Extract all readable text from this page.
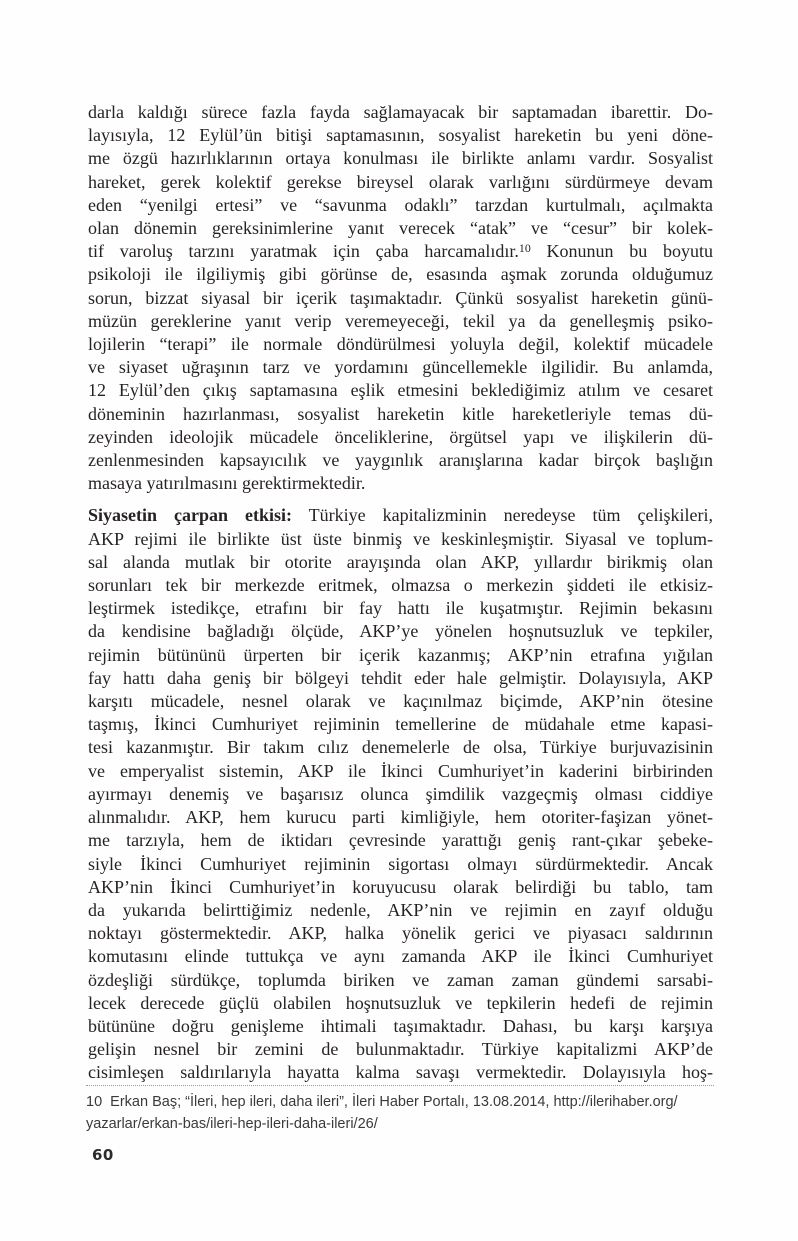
darla kaldığı sürece fazla fayda sağlamayacak bir saptamadan ibarettir. Do-
layısıyla, 12 Eylül’ün bitişi saptamasının, sosyalist hareketin bu yeni döne-
me özgü hazırlıklarının ortaya konulması ile birlikte anlamı vardır. Sosyalist
hareket, gerek kolektif gerekse bireysel olarak varlığını sürdürmeye devam
eden “yenilgi ertesi” ve “savunma odaklı” tarzdan kurtulmalı, açılmakta
olan dönemin gereksinimlerine yanıt verecek “atak” ve “cesur” bir kolek-
tif varoluş tarzını yaratmak için çaba harcamalıdır.$^{10}$ Konunun bu boyutu
psikoloji ile ilgiliymiş gibi görünse de, esasında aşmak zorunda olduğumuz
sorun, bizzat siyasal bir içerik taşımaktadır. Çünkü sosyalist hareketin günü-
müzün gereklerine yanıt verip veremeyeceği, tekil ya da genelleşmiş psiko-
lojilerin “terapi” ile normale döndürülmesi yoluyla değil, kolektif mücadele
ve siyaset uğraşının tarz ve yordamını güncellemekle ilgilidir. Bu anlamda,
12 Eylül’den çıkış saptamasına eşlik etmesini beklediğimiz atılım ve cesaret
döneminin hazırlanması, sosyalist hareketin kitle hareketleriyle temas dü-
zeyinden ideolojik mücadele önceliklerine, örgütsel yapı ve ilişkilerin dü-
zenlenmesinden kapsayıcılık ve yaygınlık aranışlarına kadar birçok başlığın
masaya yatırılmasını gerektirmektedir.
Siyasetin çarpan etkisi: Türkiye kapitalizminin neredeyse tüm çelişkileri,
AKP rejimi ile birlikte üst üste binmiş ve keskinleşmiştir. Siyasal ve toplum-
sal alanda mutlak bir otorite arayışında olan AKP, yıllardır birikmiş olan
sorunları tek bir merkezde eritmek, olmazsa o merkezin şiddeti ile etkisiz-
leştirmek istedikçe, etrafını bir fay hattı ile kuşatmıştır. Rejimin bekasını
da kendisine bağladığı ölçüde, AKP’ye yönelen hoşnutsuzluk ve tepkiler,
rejimin bütününü ürperten bir içerik kazanmış; AKP’nin etrafına yığılan
fay hattı daha geniş bir bölgeyi tehdit eder hale gelmiştir. Dolayısıyla, AKP
karşıtı mücadele, nesnel olarak ve kaçınılmaz biçimde, AKP’nin ötesine
taşmış, İkinci Cumhuriyet rejiminin temellerine de müdahale etme kapasi-
tesi kazanmıştır. Bir takım cılız denemelerle de olsa, Türkiye burjuvazisinin
ve emperyalist sistemin, AKP ile İkinci Cumhuriyet’in kaderini birbirinden
ayırmayı denemiş ve başarısız olunca şimdilik vazgeçmiş olması ciddiye
alınmalıdır. AKP, hem kurucu parti kimliğiyle, hem otoriter-faşizan yönet-
me tarzıyla, hem de iktidarı çevresinde yarattığı geniş rant-çıkar şebeke-
siyle İkinci Cumhuriyet rejiminin sigortası olmayı sürdürmektedir. Ancak
AKP’nin İkinci Cumhuriyet’in koruyucusu olarak belirdiği bu tablo, tam
da yukarıda belirttiğimiz nedenle, AKP’nin ve rejimin en zayıf olduğu
noktayı göstermektedir. AKP, halka yönelik gerici ve piyasacı saldırının
komutasını elinde tuttukça ve aynı zamanda AKP ile İkinci Cumhuriyet
özdeşliği sürdükçe, toplumda biriken ve zaman zaman gündemi sarsabi-
lecek derecede güçlü olabilen hoşnutsuzluk ve tepkilerin hedefi de rejimin
bütününe doğru genişleme ihtimali taşımaktadır. Dahası, bu karşı karşıya
gelişin nesnel bir zemini de bulunmaktadır. Türkiye kapitalizmi AKP’de
cisimleşen saldırılarıyla hayatta kalma savaşı vermektedir. Dolayısıyla hoş-
10  Erkan Baş; “İleri, hep ileri, daha ileri”, İleri Haber Portalı, 13.08.2014, http://ilerihaber.org/
yazarlar/erkan-bas/ileri-hep-ileri-daha-ileri/26/
60
